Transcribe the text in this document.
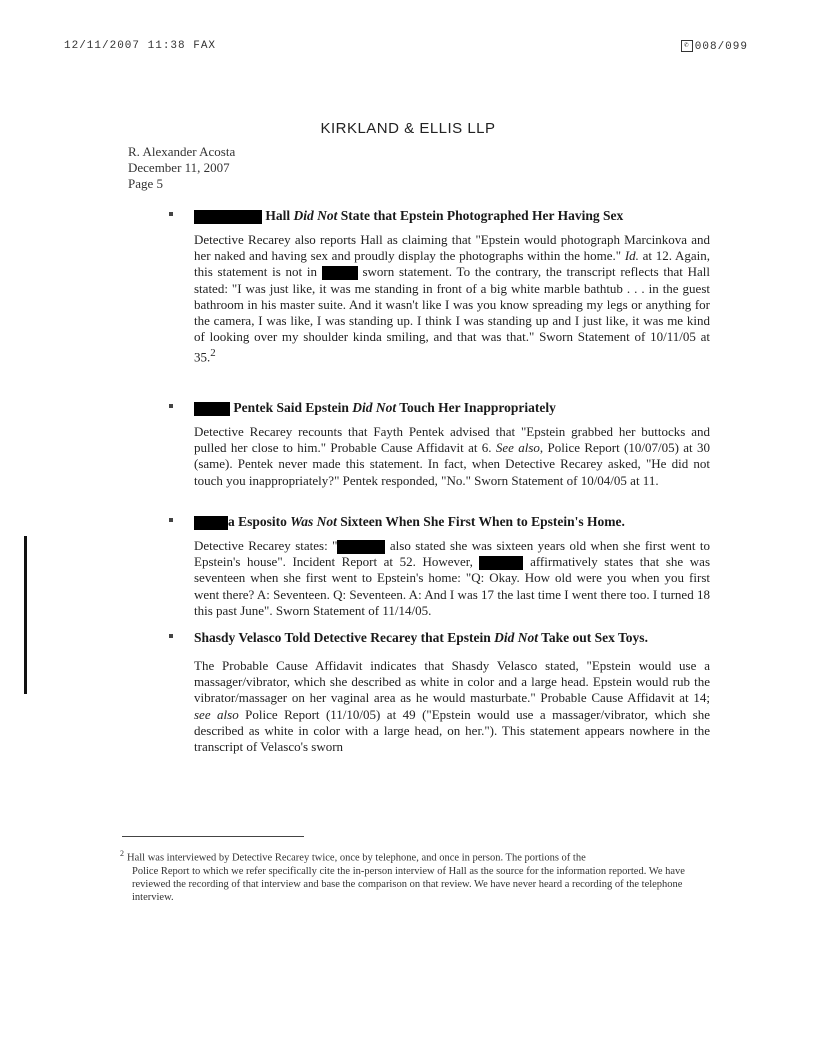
12/11/2007 11:38 FAX	✆ 008/099
KIRKLAND & ELLIS LLP
R. Alexander Acosta
December 11, 2007
Page 5
Hall Did Not State that Epstein Photographed Her Having Sex
Detective Recarey also reports Hall as claiming that "Epstein would photograph Marcinkova and her naked and having sex and proudly display the photographs within the home." Id. at 12. Again, this statement is not in	sworn statement. To the contrary, the transcript reflects that Hall stated: "I was just like, it was me standing in front of a big white marble bathtub . . . in the guest bathroom in his master suite. And it wasn't like I was you know spreading my legs or anything for the camera, I was like, I was standing up. I think I was standing up and I just like, it was me kind of looking over my shoulder kinda smiling, and that was that." Sworn Statement of 10/11/05 at 35.$^2$
Pentek Said Epstein Did Not Touch Her Inappropriately
Detective Recarey recounts that Fayth Pentek advised that "Epstein grabbed her buttocks and pulled her close to him." Probable Cause Affidavit at 6. See also, Police Report (10/07/05) at 30 (same). Pentek never made this statement. In fact, when Detective Recarey asked, "He did not touch you inappropriately?" Pentek responded, "No." Sworn Statement of 10/04/05 at 11.
a Esposito Was Not Sixteen When She First When to Epstein's Home.
Detective Recarey states: "	also stated she was sixteen years old when she first went to Epstein's house". Incident Report at 52. However,	affirmatively states that she was seventeen when she first went to Epstein's home: "Q: Okay. How old were you when you first went there? A: Seventeen. Q: Seventeen. A: And I was 17 the last time I went there too. I turned 18 this past June". Sworn Statement of 11/14/05.
Shasdy Velasco Told Detective Recarey that Epstein Did Not Take out Sex Toys.
The Probable Cause Affidavit indicates that Shasdy Velasco stated, "Epstein would use a massager/vibrator, which she described as white in color and a large head. Epstein would rub the vibrator/massager on her vaginal area as he would masturbate." Probable Cause Affidavit at 14; see also Police Report (11/10/05) at 49 ("Epstein would use a massager/vibrator, which she described as white in color with a large head, on her."). This statement appears nowhere in the transcript of Velasco's sworn
$^2$ Hall was interviewed by Detective Recarey twice, once by telephone, and once in person. The portions of the
Police Report to which we refer specifically cite the in-person interview of Hall as the source for the information reported. We have reviewed the recording of that interview and base the comparison on that review. We have never heard a recording of the telephone interview.
